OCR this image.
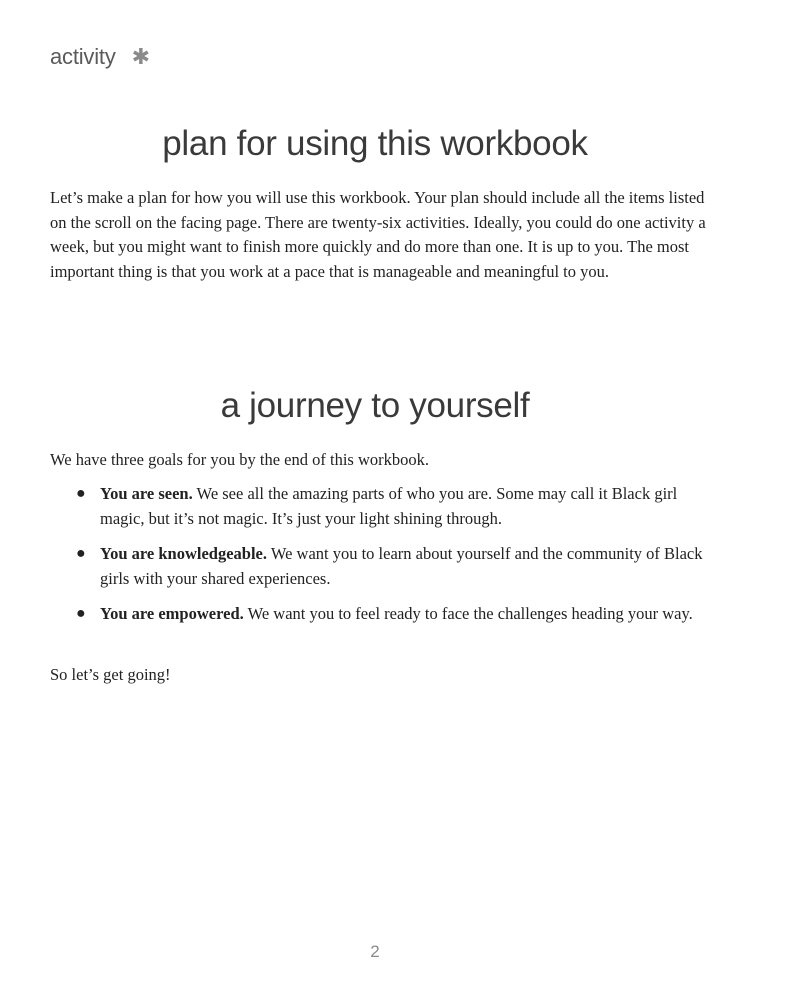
activity ✱
plan for using this workbook

Let’s make a plan for how you will use this workbook. Your plan should include all the items listed on the scroll on the facing page. There are twenty-six activities. Ideally, you could do one activity a week, but you might want to finish more quickly and do more than one. It is up to you. The most important thing is that you work at a pace that is manageable and meaningful to you.

a journey to yourself

We have three goals for you by the end of this workbook.

● You are seen. We see all the amazing parts of who you are. Some may call it Black girl magic, but it’s not magic. It’s just your light shining through.
● You are knowledgeable. We want you to learn about yourself and the community of Black girls with your shared experiences.
● You are empowered. We want you to feel ready to face the challenges heading your way.

So let’s get going!

2
